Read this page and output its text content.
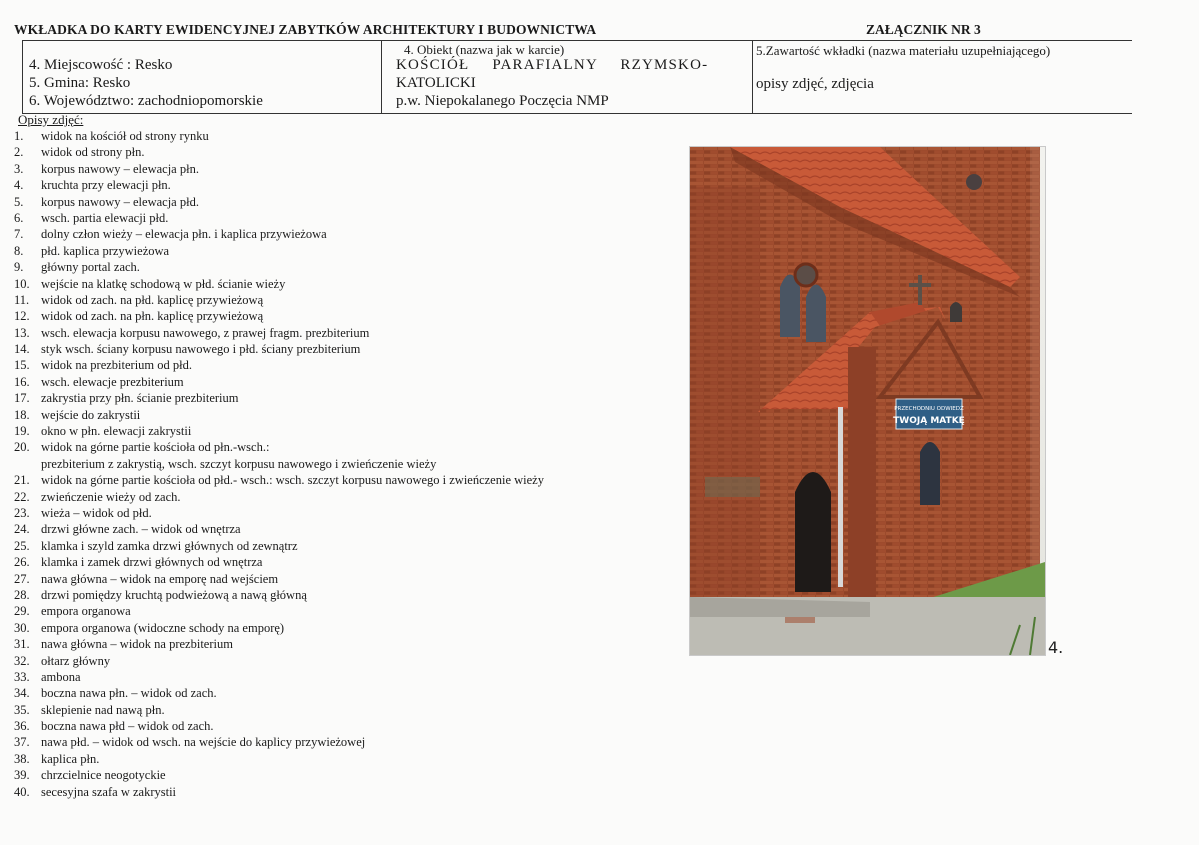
WKŁADKA DO KARTY EWIDENCYJNEJ ZABYTKÓW ARCHITEKTURY I BUDOWNICTWA	ZAŁĄCZNIK NR 3
4. Miejscowość : Resko
5. Gmina: Resko
6. Województwo: zachodniopomorskie
4. Obiekt (nazwa jak w karcie)
KOŚCIÓŁ PARAFIALNY RZYMSKO-
KATOLICKI
p.w. Niepokalanego Poczęcia NMP
5.Zawartość wkładki (nazwa materiału uzupełniającego)
opisy zdjęć, zdjęcia
Opisy zdjęć:
1. widok na kościół od strony rynku
2. widok od strony płn.
3. korpus nawowy – elewacja płn.
4. kruchta przy elewacji płn.
5. korpus nawowy – elewacja płd.
6. wsch. partia elewacji płd.
7. dolny człon wieży – elewacja płn. i kaplica przywieżowa
8. płd. kaplica przywieżowa
9. główny portal zach.
10. wejście na klatkę schodową w płd. ścianie wieży
11. widok od zach. na płd. kaplicę przywieżową
12. widok od zach. na płn. kaplicę przywieżową
13. wsch. elewacja korpusu nawowego, z prawej fragm. prezbiterium
14. styk wsch. ściany korpusu nawowego i płd. ściany prezbiterium
15. widok na prezbiterium od płd.
16. wsch. elewacje prezbiterium
17. zakrystia przy płn. ścianie prezbiterium
18. wejście do zakrystii
19. okno w płn. elewacji zakrystii
20. widok na górne partie kościoła od płn.-wsch.:
prezbiterium z zakrystią, wsch. szczyt korpusu nawowego i zwieńczenie wieży
21. widok na górne partie kościoła od płd.- wsch.: wsch. szczyt korpusu nawowego i zwieńczenie wieży
22. zwieńczenie wieży od zach.
23. wieża – widok od płd.
24. drzwi główne zach. – widok od wnętrza
25. klamka i szyld zamka drzwi głównych od zewnątrz
26. klamka i zamek drzwi głównych od wnętrza
27. nawa główna – widok na emporę nad wejściem
28. drzwi pomiędzy kruchtą podwieżową a nawą główną
29. empora organowa
30. empora organowa (widoczne schody na emporę)
31. nawa główna – widok na prezbiterium
32. ołtarz główny
33. ambona
34. boczna nawa płn. – widok od zach.
35. sklepienie nad nawą płn.
36. boczna nawa płd – widok od zach.
37. nawa płd. – widok od wsch. na wejście do kaplicy przywieżowej
38. kaplica płn.
39. chrzcielnice neogotyckie
40. secesyjna szafa w zakrystii
PRZECHODNIU ODWIEDŹ
TWOJĄ MATKĘ
4.
